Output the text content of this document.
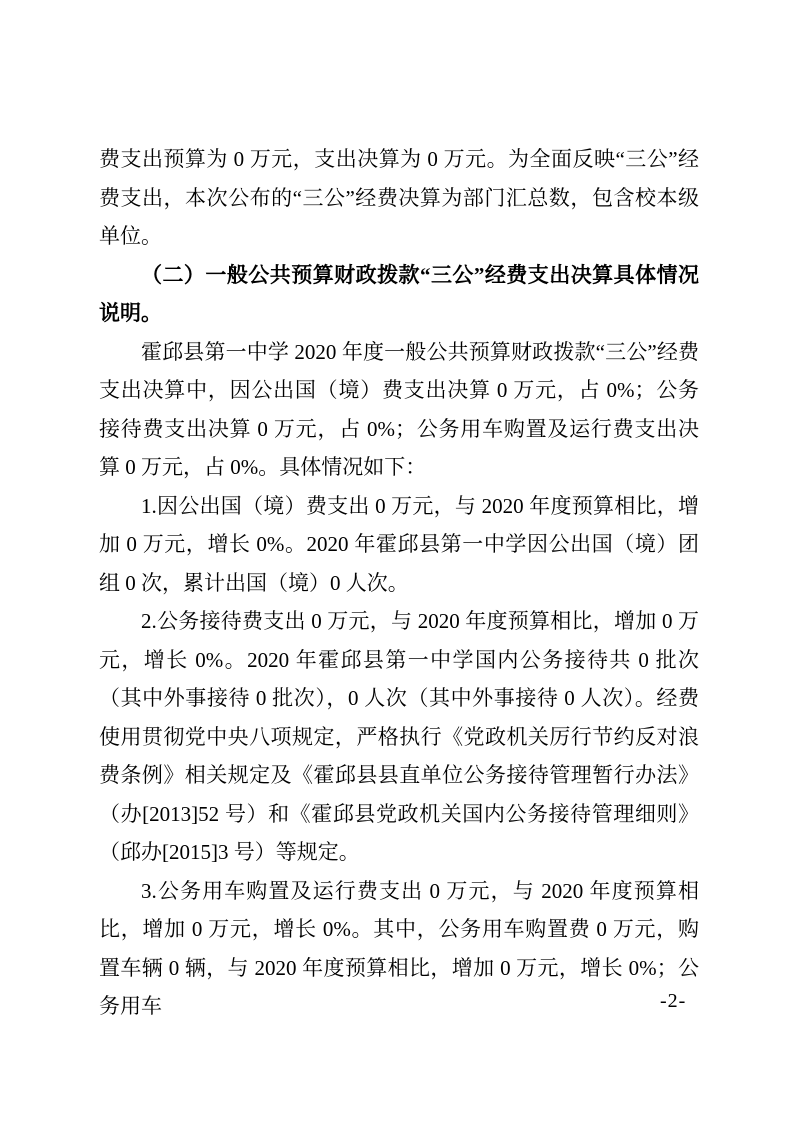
费支出预算为 0 万元，支出决算为 0 万元。为全面反映“三公”经费支出，本次公布的“三公”经费决算为部门汇总数，包含校本级单位。

（二）一般公共预算财政拨款“三公”经费支出决算具体情况说明。

霍邱县第一中学 2020 年度一般公共预算财政拨款“三公”经费支出决算中，因公出国（境）费支出决算 0 万元，占 0%；公务接待费支出决算 0 万元，占 0%；公务用车购置及运行费支出决算 0 万元，占 0%。具体情况如下：

1.因公出国（境）费支出 0 万元，与 2020 年度预算相比，增加 0 万元，增长 0%。2020 年霍邱县第一中学因公出国（境）团组 0 次，累计出国（境）0 人次。

2.公务接待费支出 0 万元，与 2020 年度预算相比，增加 0 万元，增长 0%。2020 年霍邱县第一中学国内公务接待共 0 批次（其中外事接待 0 批次），0 人次（其中外事接待 0 人次）。经费使用贯彻党中央八项规定，严格执行《党政机关厉行节约反对浪费条例》相关规定及《霍邱县县直单位公务接待管理暂行办法》（办[2013]52 号）和《霍邱县党政机关国内公务接待管理细则》（邱办[2015]3 号）等规定。

3.公务用车购置及运行费支出 0 万元，与 2020 年度预算相比，增加 0 万元，增长 0%。其中，公务用车购置费 0 万元，购置车辆 0 辆，与 2020 年度预算相比，增加 0 万元，增长 0%；公务用车	-2-
